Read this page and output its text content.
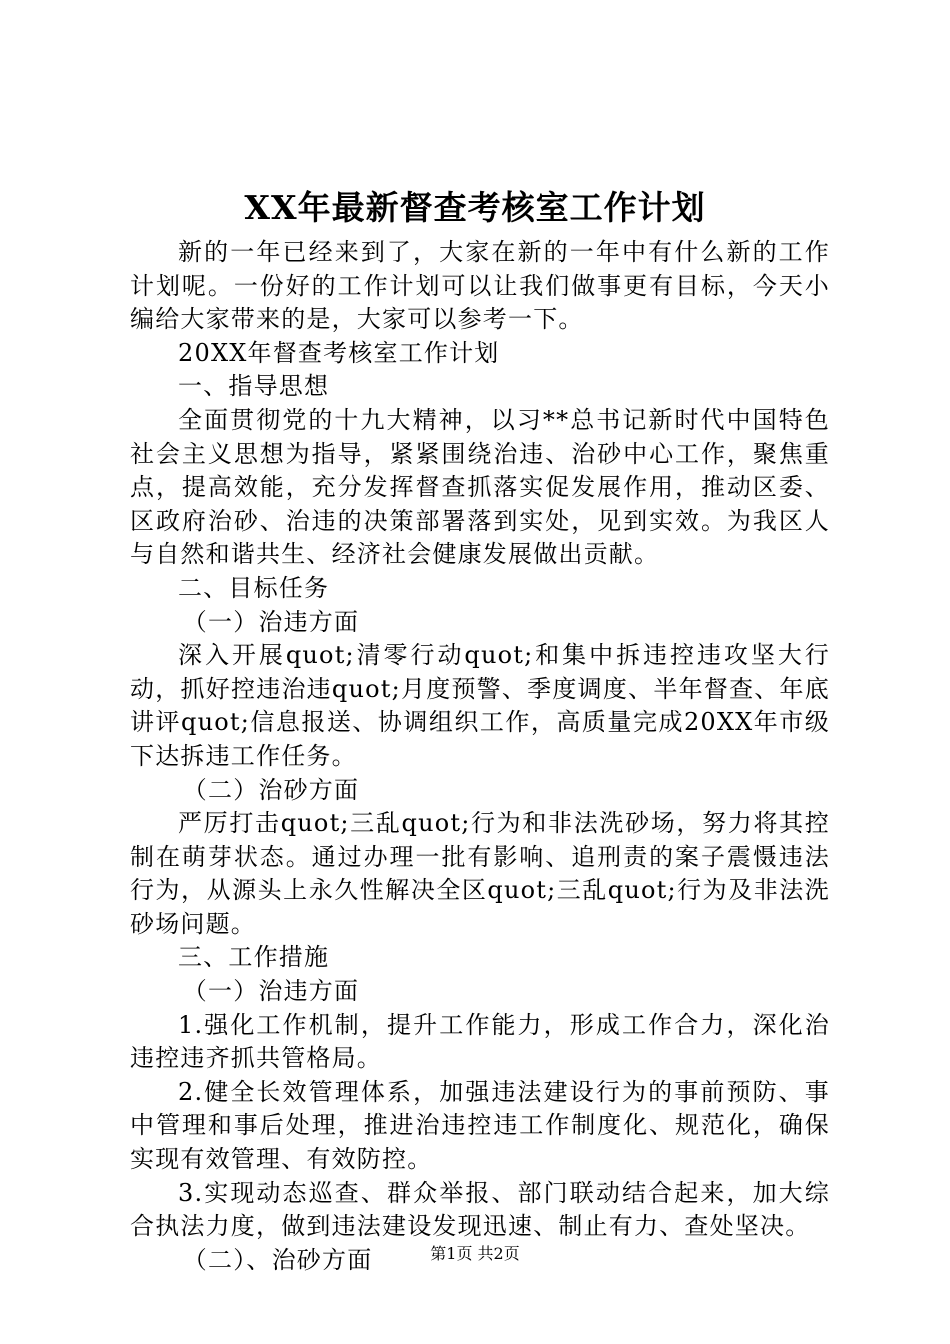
XX年最新督查考核室工作计划

新的一年已经来到了，大家在新的一年中有什么新的工作计划呢。一份好的工作计划可以让我们做事更有目标，今天小编给大家带来的是，大家可以参考一下。

20XX年督查考核室工作计划

一、指导思想

全面贯彻党的十九大精神，以习**总书记新时代中国特色社会主义思想为指导，紧紧围绕治违、治砂中心工作，聚焦重点，提高效能，充分发挥督查抓落实促发展作用，推动区委、区政府治砂、治违的决策部署落到实处，见到实效。为我区人与自然和谐共生、经济社会健康发展做出贡献。

二、目标任务

（一）治违方面

深入开展quot;清零行动quot;和集中拆违控违攻坚大行动，抓好控违治违quot;月度预警、季度调度、半年督查、年底讲评quot;信息报送、协调组织工作，高质量完成20XX年市级下达拆违工作任务。

（二）治砂方面

严厉打击quot;三乱quot;行为和非法洗砂场，努力将其控制在萌芽状态。通过办理一批有影响、追刑责的案子震慑违法行为，从源头上永久性解决全区quot;三乱quot;行为及非法洗砂场问题。

三、工作措施

（一）治违方面

1.强化工作机制，提升工作能力，形成工作合力，深化治违控违齐抓共管格局。

2.健全长效管理体系，加强违法建设行为的事前预防、事中管理和事后处理，推进治违控违工作制度化、规范化，确保实现有效管理、有效防控。

3.实现动态巡查、群众举报、部门联动结合起来，加大综合执法力度，做到违法建设发现迅速、制止有力、查处坚决。

（二）、治砂方面	第1页 共2页
